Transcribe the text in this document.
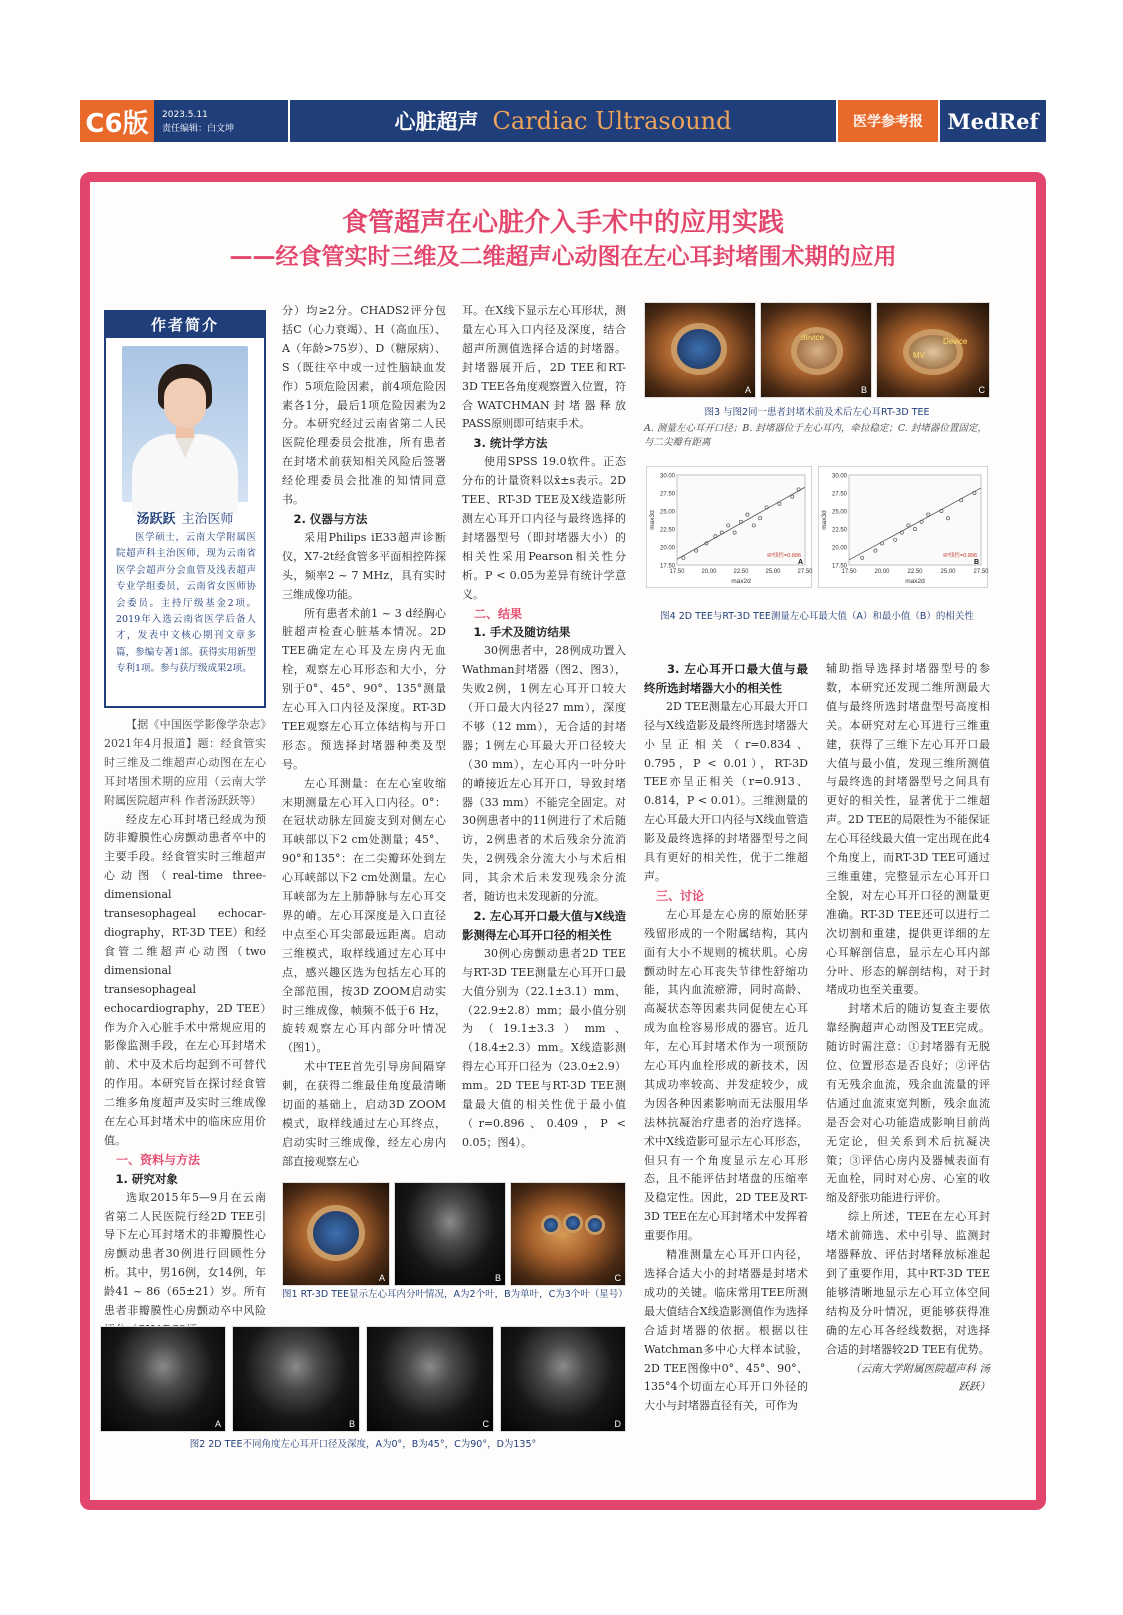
C6版	2023.5.11
责任编辑：白文坤	心脏超声 Cardiac Ultrasound	医学参考报	MedRef
食管超声在心脏介入手术中的应用实践
——经食管实时三维及二维超声心动图在左心耳封堵围术期的应用
作者简介
汤跃跃 主治医师
医学硕士，云南大学附属医院超声科主治医师，现为云南省医学会超声分会血管及浅表超声专业学组委员，云南省女医师协会委员。主持厅级基金2项。2019年入选云南省医学后备人才，发表中文核心期刊文章多篇，参编专著1部。获得实用新型专利1项。参与获厅级成果2项。

【据《中国医学影像学杂志》2021年4月报道】题：经食管实时三维及二维超声心动图在左心耳封堵围术期的应用（云南大学附属医院超声科 作者汤跃跃等）

经皮左心耳封堵已经成为预防非瓣膜性心房颤动患者卒中的主要手段。经食管实时三维超声心动图（real-time three-dimensional transesophageal echocar- diography，RT-3D TEE）和经食管二维超声心动图（two dimensional transesophageal echocardiography，2D TEE）作为介入心脏手术中常规应用的影像监测手段，在左心耳封堵术前、术中及术后均起到不可替代的作用。本研究旨在探讨经食管二维多角度超声及实时三维成像在左心耳封堵术中的临床应用价值。

一、资料与方法

1. 研究对象

选取2015年5—9月在云南省第二人民医院行经2D TEE引导下左心耳封堵术的非瓣膜性心房颤动患者30例进行回顾性分析。其中，男16例，女14例，年龄41 ~ 86（65±21）岁。所有患者非瓣膜性心房颤动卒中风险

分）均≥2分。CHADS2评分包括C（心力衰竭）、H（高血压）、A（年龄>75岁）、D（糖尿病）、S（既往卒中或一过性脑缺血发作）5项危险因素，前4项危险因素各1分，最后1项危险因素为2分。本研究经过云南省第二人民医院伦理委员会批准，所有患者在封堵术前获知相关风险后签署经伦理委员会批准的知情同意书。

2. 仪器与方法

采用Philips iE33超声诊断仪，X7-2t经食管多平面相控阵探头，频率2 ~ 7 MHz，具有实时三维成像功能。

所有患者术前1 ~ 3 d经胸心脏超声检查心脏基本情况。2D TEE确定左心耳及左房内无血栓，观察左心耳形态和大小，分别于0°、45°、90°、135°测量左心耳入口内径及深度。RT-3D TEE观察左心耳立体结构与开口形态。预选择封堵器种类及型号。

左心耳测量：在左心室收缩末期测量左心耳入口内径。0°：在冠状动脉左回旋支到对侧左心耳峡部以下2 cm处测量；45°、90°和135°：在二尖瓣环处到左心耳峡部以下2 cm处测量。左心耳峡部为左上肺静脉与左心耳交界的嵴。左心耳深度是入口直径中点至心耳尖部最远距离。启动三维模式，取样线通过左心耳中点，感兴趣区选为包括左心耳的全部范围，按3D ZOOM启动实时三维成像，帧频不低于6 Hz，旋转观察左心耳内部分叶情况（图1）。

术中TEE首先引导房间隔穿刺，在获得二维最佳角度最清晰切面的基础上，启动3D ZOOM模式，取样线通过左心耳终点，启动实时三维成像，经左心房内部直接观察左心

耳。在X线下显示左心耳形状，测量左心耳入口内径及深度，结合超声所测值选择合适的封堵器。封堵器展开后，2D TEE和RT-3D TEE各角度观察置入位置，符合WATCHMAN封堵器释放PASS原则即可结束手术。

3. 统计学方法

使用SPSS 19.0软件。正态分布的计量资料以x̄±s表示。2D TEE、RT-3D TEE及X线造影所测左心耳开口内径与最终选择的封堵器型号（即封堵器大小）的相关性采用Pearson相关性分析。P < 0.05为差异有统计学意义。

二、结果

1. 手术及随访结果

30例患者中，28例成功置入Wathman封堵器（图2、图3），失败2例，1例左心耳开口较大（开口最大内径27 mm），深度不够（12 mm），无合适的封堵器；1例左心耳最大开口径较大（30 mm），左心耳内一叶分叶的嵴接近左心耳开口，导致封堵器（33 mm）不能完全固定。对30例患者中的11例进行了术后随访，2例患者的术后残余分流消失，2例残余分流大小与术后相同，其余术后未发现残余分流者，随访也未发现新的分流。

2. 左心耳开口最大值与X线造影测得左心耳开口径的相关性

30例心房颤动患者2D TEE与RT-3D TEE测量左心耳开口最大值分别为（22.1±3.1）mm、（22.9±2.8）mm；最小值分别为（19.1±3.3）mm、（18.4±2.3）mm。X线造影测得左心耳开口径为（23.0±2.9）mm。2D TEE与RT-3D TEE测量最大值的相关性优于最小值（r=0.896、0.409，P < 0.05；图4）。

3. 左心耳开口最大值与最终所选封堵器大小的相关性

2D TEE测量左心耳最大开口径与X线造影及最终所选封堵器大小呈正相关（r=0.834、0.795，P < 0.01），RT-3D TEE亦呈正相关（r=0.913、0.814，P < 0.01）。三维测量的左心耳最大开口内径与X线血管造影及最终选择的封堵器型号之间具有更好的相关性，优于二维超声。

三、讨论

左心耳是左心房的原始胚芽残留形成的一个附属结构，其内面有大小不规则的梳状肌。心房颤动时左心耳丧失节律性舒缩功能，其内血流瘀滞，同时高龄、高凝状态等因素共同促使左心耳成为血栓容易形成的器官。近几年，左心耳封堵术作为一项预防左心耳内血栓形成的新技术，因其成功率较高、并发症较少，成为因各种因素影响而无法服用华法林抗凝治疗患者的治疗选择。术中X线造影可显示左心耳形态，但只有一个角度显示左心耳形态，且不能评估封堵盘的压缩率及稳定性。因此，2D TEE及RT-3D TEE在左心耳封堵术中发挥着重要作用。

精准测量左心耳开口内径，选择合适大小的封堵器是封堵术成功的关键。临床常用TEE所测最大值结合X线造影测值作为选择合适封堵器的依据。根据以往Watchman多中心大样本试验，2D TEE图像中0°、45°、90°、135°4个切面左心耳开口外径的大小与封堵器直径有关，可作为

辅助指导选择封堵器型号的参数，本研究还发现二维所测最大值与最终所选封堵盘型号高度相关。本研究对左心耳进行三维重建，获得了三维下左心耳开口最大值与最小值，发现三维所测值与最终选的封堵器型号之间具有更好的相关性，显著优于二维超声。2D TEE的局限性为不能保证左心耳径线最大值一定出现在此4个角度上，而RT-3D TEE可通过三维重建，完整显示左心耳开口全貌，对左心耳开口径的测量更准确。RT-3D TEE还可以进行二次切割和重建，提供更详细的左心耳解剖信息，显示左心耳内部分叶、形态的解剖结构，对于封堵成功也至关重要。

封堵术后的随访复查主要依靠经胸超声心动图及TEE完成。随访时需注意：①封堵器有无脱位、位置形态是否良好；②评估有无残余血流，残余血流量的评估通过血流束宽判断，残余血流是否会对心功能造成影响目前尚无定论，但关系到术后抗凝决策；③评估心房内及器械表面有无血栓，同时对心房、心室的收缩及舒张功能进行评价。

综上所述，TEE在左心耳封堵术前筛选、术中引导、监测封堵器释放、评估封堵释放标准起到了重要作用，其中RT-3D TEE能够清晰地显示左心耳立体空间结构及分叶情况，更能够获得准确的左心耳各经线数据，对选择合适的封堵器较2D TEE有优势。

（云南大学附属医院超声科 汤跃跃）

A
device
B
MV
Device
C
图3 与图2同一患者封堵术前及术后左心耳RT-3D TEE
A. 测量左心耳开口径；B. 封堵器位于左心耳内，牵拉稳定；C. 封堵器位置固定，与二尖瓣有距离
17.50
20.00
22.50
25.00
27.50
30.00
17.50	20.00	22.50	25.00	27.50
max2d
max3d
R²线性=0.896
A
17.50
20.00
22.50
25.00
27.50
30.00
17.50	20.00	22.50	25.00	27.50
max2d
max3d
R²线性=0.896
B
图4 2D TEE与RT-3D TEE测量左心耳最大值（A）和最小值（B）的相关性
A	B	C
图1 RT-3D TEE显示左心耳内分叶情况，A为2个叶，B为单叶，C为3个叶（星号）
A	B	C	D
图2 2D TEE不同角度左心耳开口径及深度，A为0°，B为45°，C为90°，D为135°
